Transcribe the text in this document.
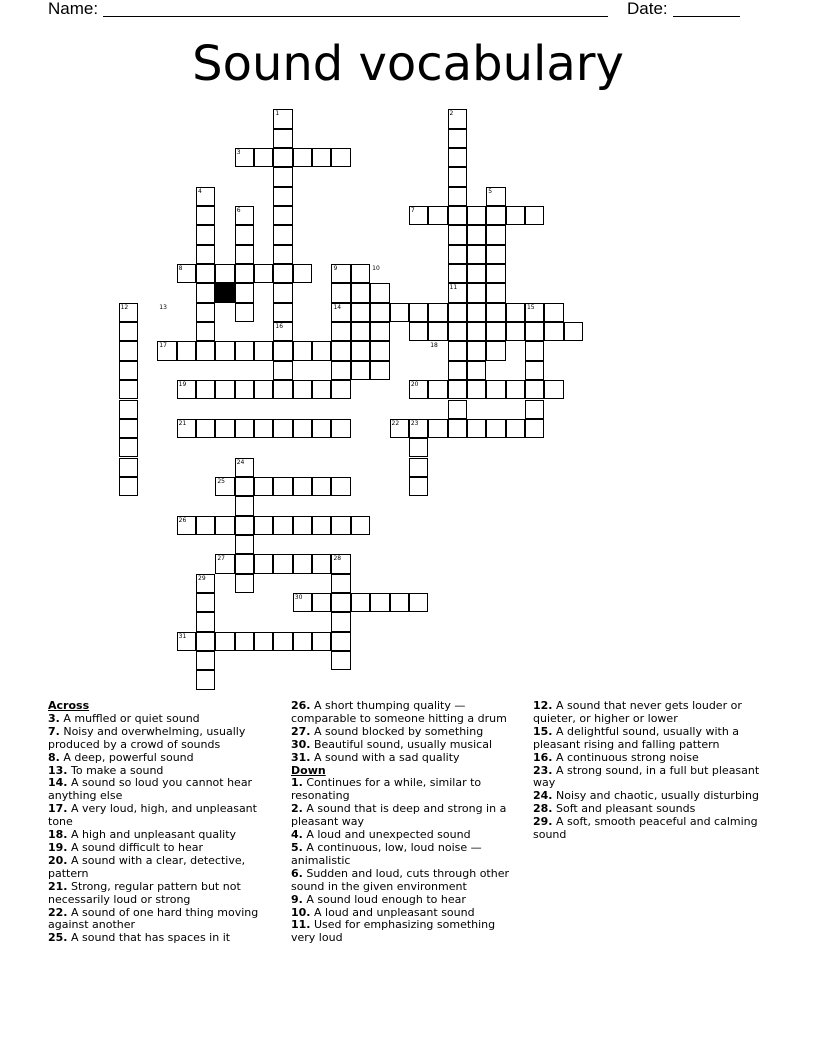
Name:	Date:
Sound vocabulary
1	2
3
4	5
6	7
8	9	10
11
12	13	14	15
16
17	18
19	20
21	22 23
24
25
26
27	28
29
30
31
Across
3. A muffled or quiet sound
7. Noisy and overwhelming, usually produced by a crowd of sounds
8. A deep, powerful sound
13. To make a sound
14. A sound so loud you cannot hear anything else
17. A very loud, high, and unpleasant tone
18. A high and unpleasant quality
19. A sound difficult to hear
20. A sound with a clear, detective, pattern
21. Strong, regular pattern but not necessarily loud or strong
22. A sound of one hard thing moving against another
25. A sound that has spaces in it
26. A short thumping quality — comparable to someone hitting a drum
27. A sound blocked by something
30. Beautiful sound, usually musical
31. A sound with a sad quality
Down
1. Continues for a while, similar to resonating
2. A sound that is deep and strong in a pleasant way
4. A loud and unexpected sound
5. A continuous, low, loud noise — animalistic
6. Sudden and loud, cuts through other sound in the given environment
9. A sound loud enough to hear
10. A loud and unpleasant sound
11. Used for emphasizing something very loud
12. A sound that never gets louder or quieter, or higher or lower
15. A delightful sound, usually with a pleasant rising and falling pattern
16. A continuous strong noise
23. A strong sound, in a full but pleasant way
24. Noisy and chaotic, usually disturbing
28. Soft and pleasant sounds
29. A soft, smooth peaceful and calming sound
